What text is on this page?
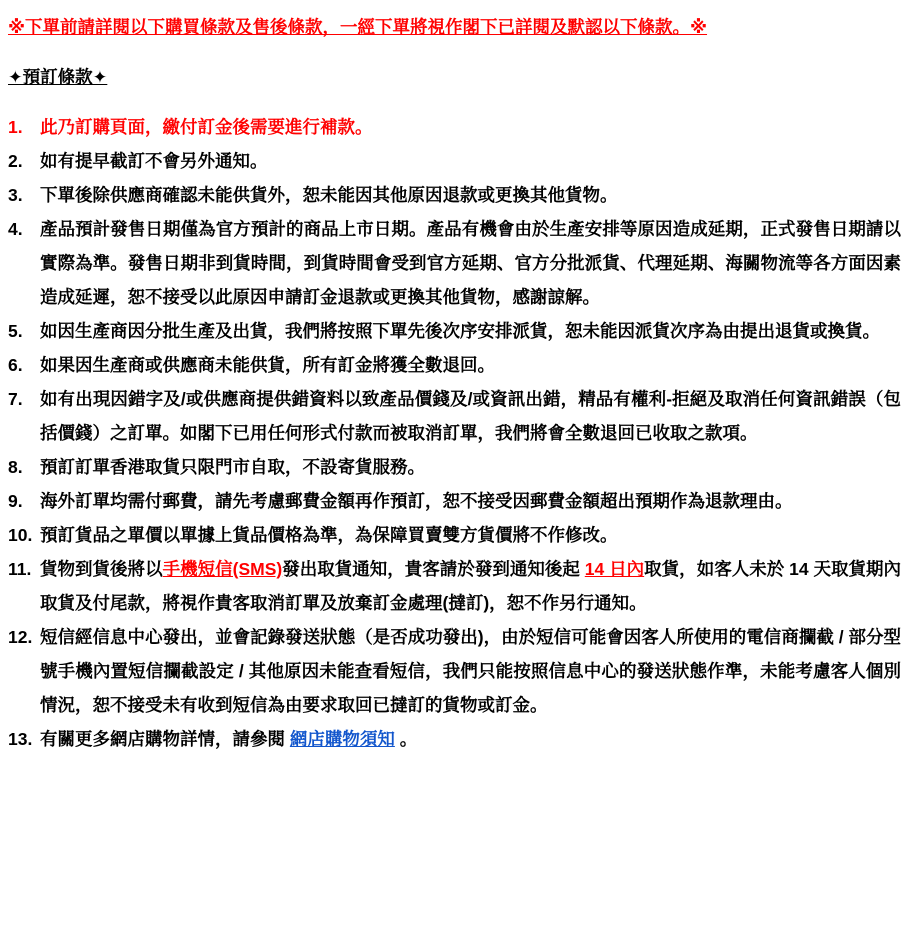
※下單前請詳閱以下購買條款及售後條款，一經下單將視作閣下已詳閱及默認以下條款。※
✦預訂條款✦
1. 此乃訂購頁面，繳付訂金後需要進行補款。
2. 如有提早截訂不會另外通知。
3. 下單後除供應商確認未能供貨外，恕未能因其他原因退款或更換其他貨物。
4. 產品預計發售日期僅為官方預計的商品上市日期。產品有機會由於生產安排等原因造成延期，正式發售日期請以實際為準。發售日期非到貨時間，到貨時間會受到官方延期、官方分批派貨、代理延期、海關物流等各方面因素造成延遲，恕不接受以此原因申請訂金退款或更換其他貨物，感謝諒解。
5. 如因生產商因分批生產及出貨，我們將按照下單先後次序安排派貨，恕未能因派貨次序為由提出退貨或換貨。
6. 如果因生產商或供應商未能供貨，所有訂金將獲全數退回。
7. 如有出現因錯字及/或供應商提供錯資料以致產品價錢及/或資訊出錯，精品有權利-拒絕及取消任何資訊錯誤（包括價錢）之訂單。如閣下已用任何形式付款而被取消訂單，我們將會全數退回已收取之款項。
8. 預訂訂單香港取貨只限門市自取，不設寄貨服務。
9. 海外訂單均需付郵費，請先考慮郵費金額再作預訂，恕不接受因郵費金額超出預期作為退款理由。
10. 預訂貨品之單價以單據上貨品價格為準，為保障買賣雙方貨價將不作修改。
11. 貨物到貨後將以手機短信(SMS)發出取貨通知，貴客請於發到通知後起 14 日內取貨，如客人未於 14 天取貨期內取貨及付尾款，將視作貴客取消訂單及放棄訂金處理(撻訂)，恕不作另行通知。
12. 短信經信息中心發出，並會記錄發送狀態（是否成功發出)，由於短信可能會因客人所使用的電信商攔截 / 部分型號手機內置短信攔截設定 / 其他原因未能查看短信，我們只能按照信息中心的發送狀態作準，未能考慮客人個別情況，恕不接受未有收到短信為由要求取回已撻訂的貨物或訂金。
13. 有關更多網店購物詳情，請參閱 網店購物須知 。
